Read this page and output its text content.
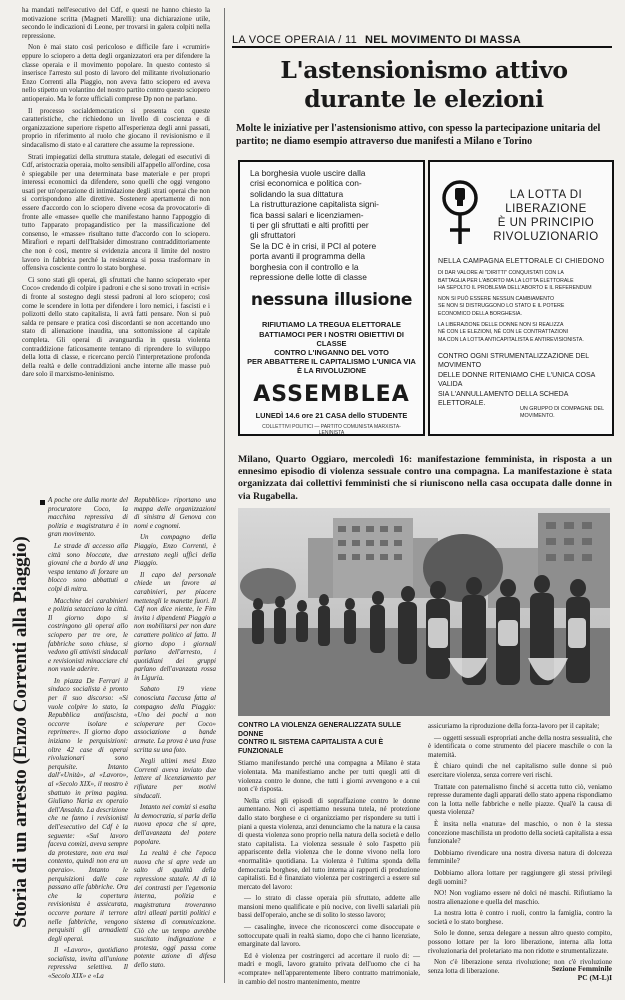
ha mandati nell'esecutivo del Cdf, e questi ne hanno chiesto la motivazione scritta (Magneti Marelli): una dichiarazione utile, secondo le indicazioni di Leone, per trovarsi in galera colpiti nella repressione.

Non è mai stato così pericoloso e difficile fare i «crumiri» eppure lo sciopero a detta degli organizzatori era per difendere la classe operaia e il movimento popolare. In questo contesto si inserisce l'arresto sul posto di lavoro del militante rivoluzionario Enzo Correnti alla Piaggio, non aveva fatto sciopero ed aveva nello stipetto un volantino del nostro partito contro questo sciopero antioperaio. Ma le forze ufficiali comprese Dp non ne parlano.

Il processo socialdemocratico si presenta con queste caratteristiche, che richiedono un livello di coscienza e di organizzazione superiore rispetto all'esperienza degli anni passati, proprio in riferimento al ruolo che giocano il revisionismo e il sindacalismo di stato e al carattere che assume la repressione.

Strati impiegatizi della struttura statale, delegati ed esecutivi di Cdf, aristocrazia operaia, molto sensibili all'appello all'ordine, cosa è spiegabile per una determinata base materiale e per propri interessi economici da difendere, sono quelli che oggi vengono usati per un'operazione di intimidazione degli strati operai che non si corrispondono alle direttive. Sostenere apertamente di non essere d'accordo con lo sciopero divene «cosa da provocatori» di fronte alle «masse» quelle che manifestano hanno l'appoggio di tutto l'apparato propagandistico per la massificazione del consenso, le «masse» risultano tutte d'accordo con lo sciopero. Mirafiori e reparti dell'Italsider dimostrano contraddittoriamente che non è così, mentre si evidenzia ancora il limite del nostro lavoro in fabbrica perché la resistenza si possa trasformare in offensiva cosciente contro lo stato borghese.

Ci sono stati gli operai, gli sfruttati che hanno scioperato «per Coco» credendo di colpire i padroni e che si sono trovati in «crisi» di fronte al sostegno degli stessi padroni al loro sciopero; così come le scendere in lotta per difendere i loro nemici, i fascisti e i polizotti dello stato capitalista, li avrà fatti pensare. Non si può salda re pensare e pratica così discordanti se non accettando uno stato di alienazione inaudita, una sottomissione al capitale completa. Gli operai di avanguardia in questa violenta contraddizione faticosamente tentano di riprendere lo sviluppo della lotta di classe, e ricercano perciò l'interpretazione profonda della realtà e delle contraddizioni anche interne alle masse può dare solo il marxismo-leninismo.

Storia di un arresto (Enzo Correnti alla Piaggio)

A poche ore dalla morte del procuratore Coco, la macchina repressiva di polizia e magistratura è in gran movimento.

Le strade di accesso alla città sono bloccate, due giovani che a bordo di una vespa tentano di forzare un blocco sono abbattuti a colpi di mitra.

Macchine dei carabinieri e polizia setacciano la città. Il giorno dopo si costringono gli operai allo sciopero per tre ore, le fabbriche sono chiuse, si vedono gli attivisti sindacali e revisionisti minacciare chi non vuole aderire.

In piazza De Ferrari il sindaco socialista è pronto per il suo discorso: «Si vuole colpire lo stato, la Repubblica antifascista, occorre isolare e reprimere». Il giorno dopo iniziano le perquisizioni: oltre 42 case di operai rivoluzionari sono perquisite. Intanto dall'«Unità», al «Lavoro», al «Secolo XIX», il mostro è sbattuto in prima pagina. Giuliano Naria ex operaio dell'Ansaldo. La descrizione che ne fanno i revisionisti dell'esecutivo del Cdf è la seguente: «Sul lavoro faceva comizi, aveva sempre da protestare, non era mai contento, quindi non era un operaio». Intanto le perquisizioni dalle case passano alle fabbriche. Ora che la copertura revisionista è assicurata, occorre portare il terrore nelle fabbriche, vengono perquisiti gli armadietti degli operai.

Il «Lavoro», quotidiano socialista, invita all'unione repressiva selettiva. Il «Secolo XIX» e «La

Repubblica» riportano una mappa delle organizzazioni di sinistra di Genova con nomi e cognomi.

Un compagno della Piaggio, Enzo Correnti, è arrestato negli uffici della Piaggio.

Il capo del personale chiede un favore ai carabinieri, per piacere mettetegli le manette fuori. Il Cdf non dice niente, le Fim invita i dipendenti Piaggio a non mobilitarsi per non dare carattere politico al fatto. Il giorno dopo i giornali parlano dell'arresto, i quotidiani dei gruppi parlano dell'avanzata rossa in Liguria.

Sabato 19 viene conosciuta l'accusa fatta al compagno della Piaggio: «Uno dei pochi a non scioperare per Coco» associazione a bande armate. La prova è una frase scritta su una foto.

Negli ultimi mesi Enzo Correnti aveva inviato due lettere al licenziamento per rifiutare per motivi sindacali.

Intanto nei comizi si esalta la democrazia, si parla della nuova epoca che si apre, dell'avanzata del potere popolare.

La realtà è che l'epoca nuova che si apre vede un salto di qualità della repressione statale. Al di là dei contrasti per l'egemonia interna, polizia e magistratura troveranno altri alleati partiti politici e sistema di comunicazione. Ciò che un tempo avrebbe suscitato indignazione e protesta, oggi passa come potente azione di difesa dello stato.

LA VOCE OPERAIA / 11 NEL MOVIMENTO DI MASSA
L'astensionismo attivo
durante le elezioni
Molte le iniziative per l'astensionismo attivo, con spesso la partecipazione unitaria del partito; ne diamo esempio attraverso due manifesti a Milano e Torino

La borghesia vuole uscire dalla

crisi economica e politica con-

solidando la sua dittatura

La ristrutturazione capitalista signi-

fica bassi salari e licenziamen-

ti per gli sfruttati e alti profitti per

gli sfruttatori

Se la DC è in crisi, il PCI al potere

porta avanti il programma della

borghesia con il controllo e la

repressione delle lotte di classe

nessuna illusione

RIFIUTIAMO LA TREGUA ELETTORALE

BATTIAMOCI PER I NOSTRI OBIETTIVI DI CLASSE

CONTRO L'INGANNO DEL VOTO

PER ABBATTERE IL CAPITALISMO L'UNICA VIA

È LA RIVOLUZIONE

ASSEMBLEA
LUNEDÌ 14.6 ore 21 CASA dello STUDENTE
COLLETTIVI POLITICI — PARTITO COMUNISTA MARXISTA-LENINISTA

LA LOTTA DI

LIBERAZIONE

È UN PRINCIPIO

RIVOLUZIONARIO

NELLA CAMPAGNA ELETTORALE CI CHIEDONO

DI DAR VALORE AI "DIRITTI" CONQUISTATI CON LA

BATTAGLIA PER L'ABORTO MA LA LOTTA ELETTORALE

HA SEPOLTO IL PROBLEMA DELL'ABORTO E IL REFERENDUM

NON SI PUÒ ESSERE NESSUN CAMBIAMENTO

SE NON SI DISTRUGGONO LO STATO E IL POTERE

ECONOMICO DELLA BORGHESIA.

LA LIBERAZIONE DELLE DONNE NON SI REALIZZA

NÉ CON LE ELEZIONI, NÉ CON LE CONTRATTAZIONI

MA CON LA LOTTA ANTICAPITALISTA E ANTIREVISIONISTA.

CONTRO OGNI STRUMENTALIZZAZIONE DEL MOVIMENTO

DELLE DONNE RITENIAMO CHE L'UNICA COSA VALIDA

SIA L'ANNULLAMENTO DELLA SCHEDA ELETTORALE.

UN GRUPPO DI COMPAGNE DEL MOVIMENTO.
Milano, Quarto Oggiaro, mercoledì 16: manifestazione femminista, in risposta a un ennesimo episodio di violenza sessuale contro una compagna. La manifestazione è stata organizzata dai collettivi femministi che si riuniscono nella casa occupata dalle donne in via Rugabella.
CONTRO LA VIOLENZA GENERALIZZATA SULLE DONNE
CONTRO IL SISTEMA CAPITALISTA A CUI È FUNZIONALE

Stiamo manifestando perché una compagna a Milano è stata violentata. Ma manifestiamo anche per tutti quegli atti di violenza contro le donne, che tutti i giorni avvengono e a cui non c'è risposta.

Nella crisi gli episodi di sopraffazione contro le donne aumentano. Non ci aspettiamo nessuna tutela, né protezione dallo stato borghese e ci organizziamo per rispondere su tutti i piani a questa violenza, anzi denunciamo che la natura e la causa di questa violenza sono proprio nella natura della società e dello stato capitalista. La violenza sessuale è solo l'aspetto più appariscente della violenza che le donne vivono nella loro «normalità» quotidiana. La violenza è l'ultima sponda della democrazia borghese, del tutto interna ai rapporti di produzione capitalisti. Ed è finanziato violenza per costringerci a essere sul mercato del lavoro:

— lo strato di classe operaia più sfruttato, addette alle mansioni meno qualificate e più nocive, con livelli salariali più bassi dell'operaio, anche se di solito lo stesso lavoro;

— casalinghe, invece che riconoscerci come disoccupate e sottoccupate quali in realtà siamo, dopo che ci hanno licenziate, emarginate dal lavoro.

Ed è violenza per costringerci ad accettare il ruolo di: — madri e mogli, lavoro gratuito privata dell'uomo che ci ha «comprate» nell'apparentemente libero contratto matrimoniale, in cambio del nostro mantenimento, mentre

assicuriamo la riproduzione della forza-lavoro per il capitale;

— oggetti sessuali espropriati anche della nostra sessualità, che è identificata o come strumento del piacere maschile o con la maternità.

È chiaro quindi che nel capitalismo sulle donne si può esercitare violenza, senza correre veri rischi.

Trattate con paternalismo finché si accetta tutto ciò, veniamo represse duramente dagli apparati dello stato appena rispondiamo con la lotta nelle fabbriche e nelle piazze. Qual'è la causa di questa violenza?

È insita nella «natura» del maschio, o non è la stessa concezione maschilista un prodotto della società capitalista a essa funzionale?

Dobbiamo rivendicare una nostra diversa natura di dolcezza femminile?

Dobbiamo allora lottare per raggiungere gli stessi privilegi degli uomini?

NO! Non vogliamo essere né dolci né maschi. Rifiutiamo la nostra alienazione e quella del maschio.

La nostra lotta è contro i ruoli, contro la famiglia, contro la società e lo stato borghese.

Solo le donne, senza delegare a nessun altro questo compito, possono lottare per la loro liberazione, interna alla lotta rivoluzionaria del proletariato ma non ridotte e strumentalizzate.

Non c'è liberazione senza rivoluzione; non c'è rivoluzione senza lotta di liberazione.	Sezione Femminile
PC (M-L)I
